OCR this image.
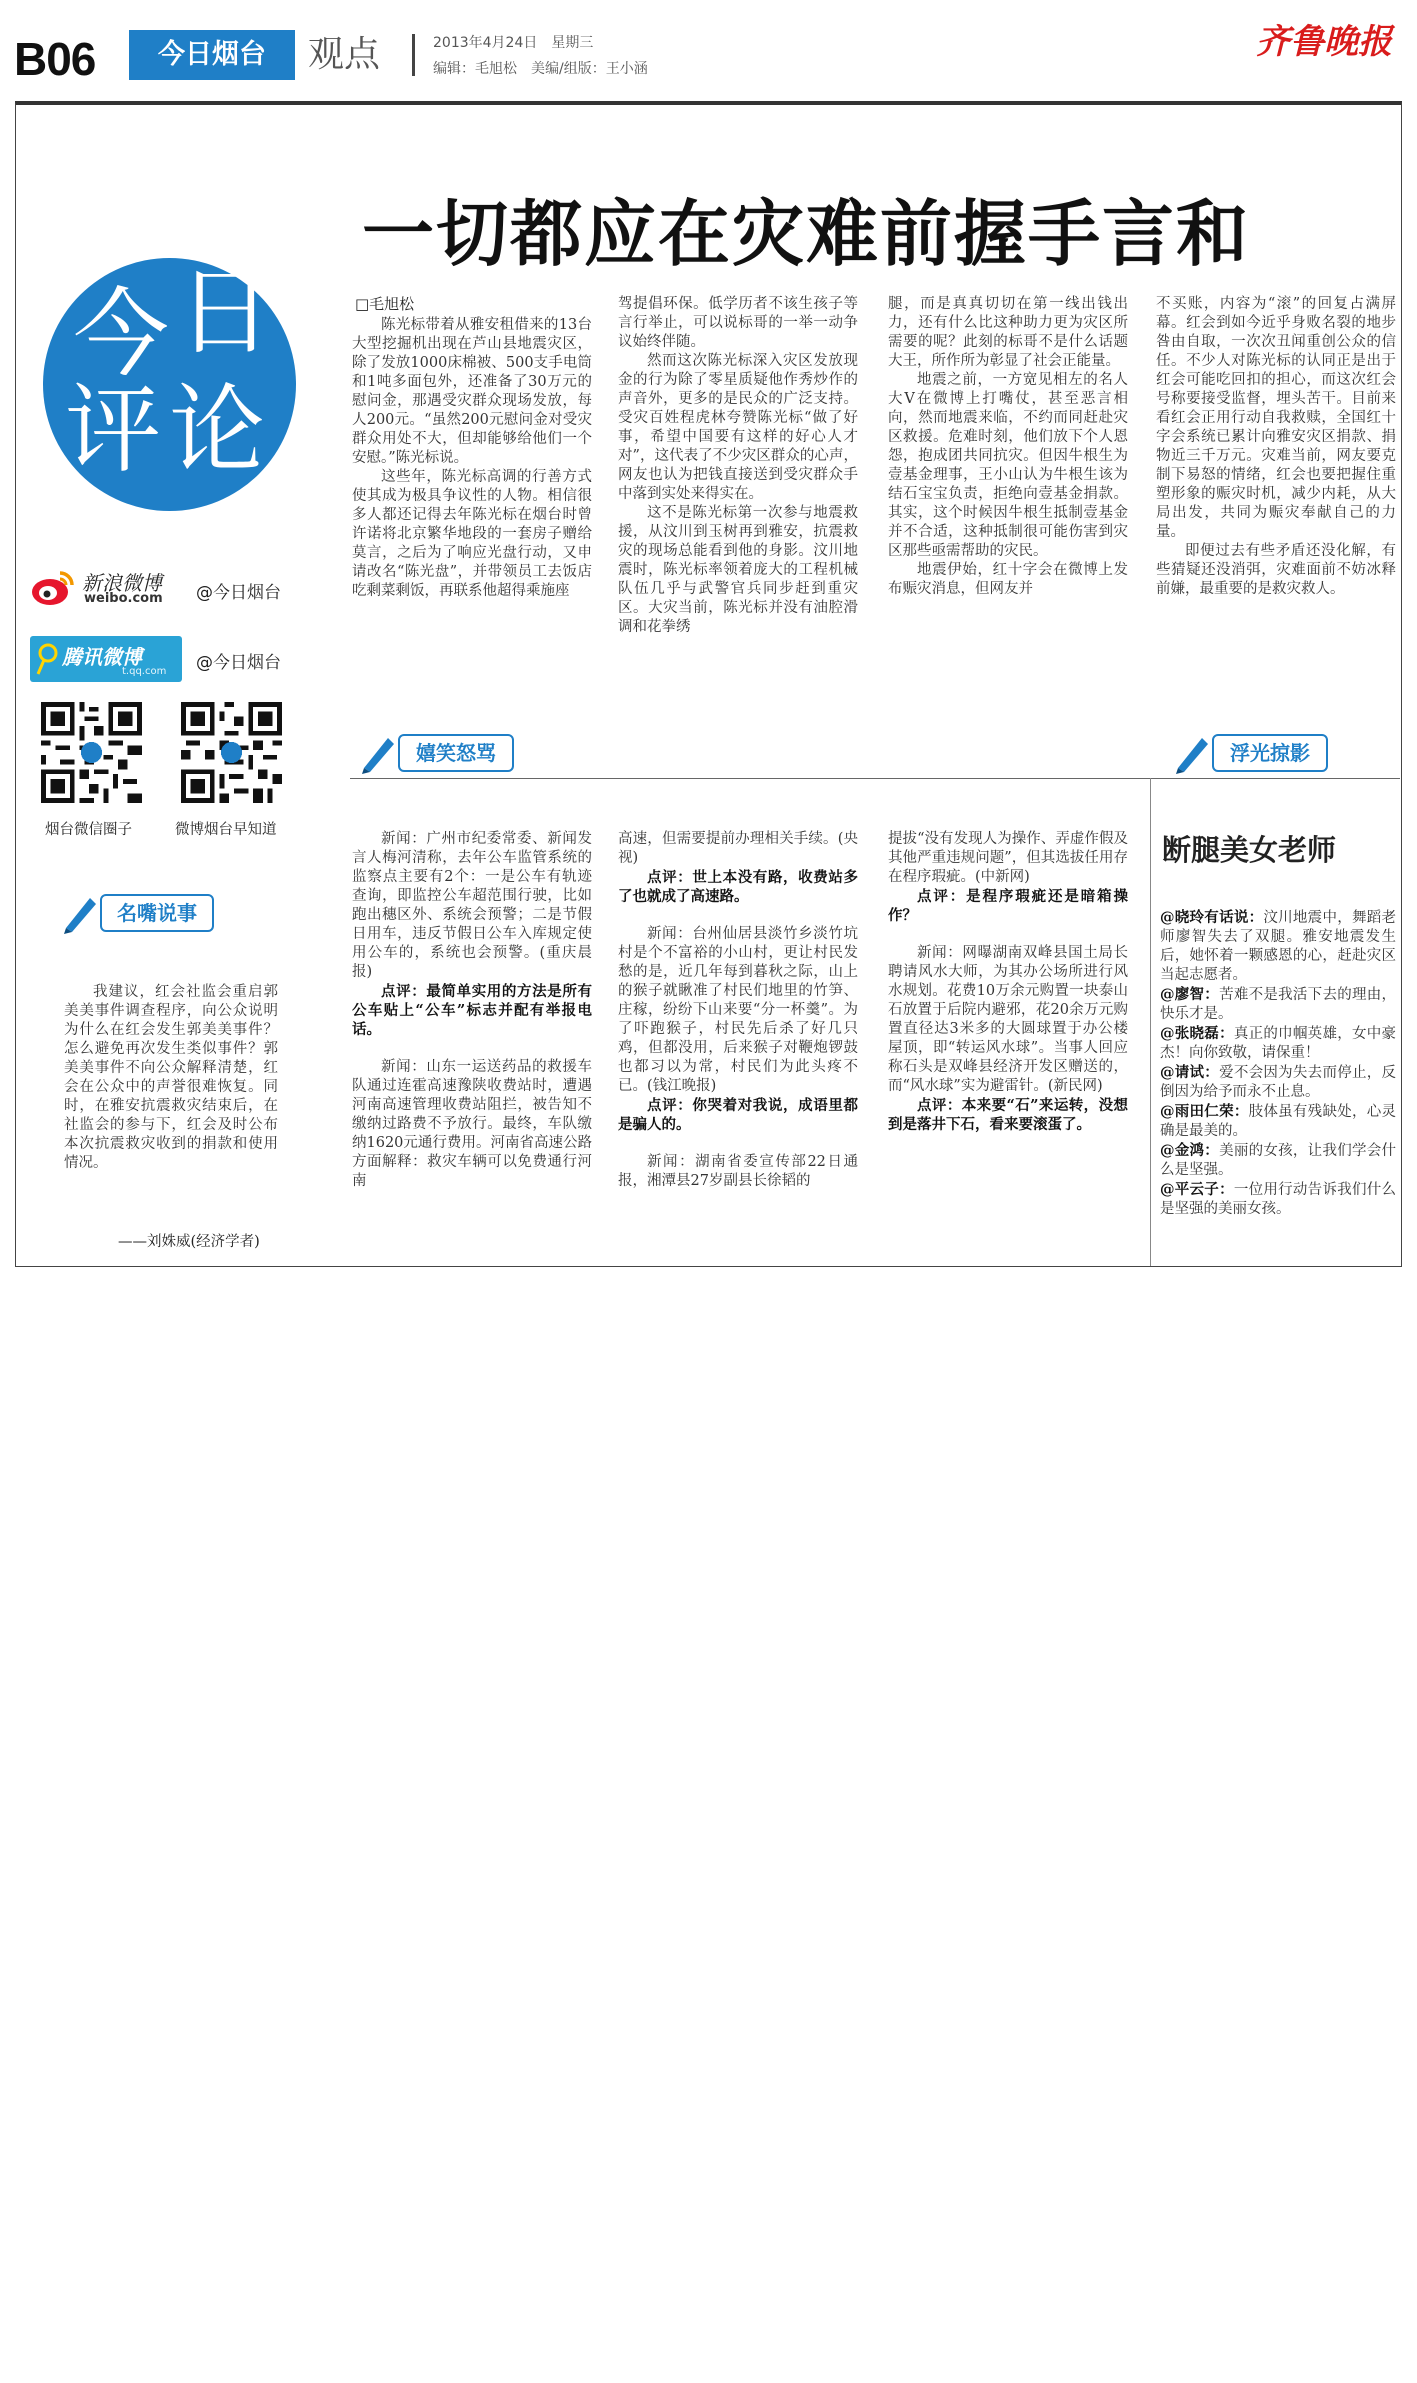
B06	今日烟台	观点	2013年4月24日　星期三
编辑：毛旭松　美编/组版：王小涵
齐鲁晚报
今 日
评 论
新浪微博
weibo.com @今日烟台
腾讯微博
t.qq.com @今日烟台
烟台微信圈子	微博烟台早知道
名嘴说事

我建议，红会社监会重启郭美美事件调查程序，向公众说明为什么在红会发生郭美美事件？怎么避免再次发生类似事件？郭美美事件不向公众解释清楚，红会在公众中的声誉很难恢复。同时，在雅安抗震救灾结束后，在社监会的参与下，红会及时公布本次抗震救灾收到的捐款和使用情况。

——刘姝威(经济学者)
一切都应在灾难前握手言和
□毛旭松

陈光标带着从雅安租借来的13台大型挖掘机出现在芦山县地震灾区，除了发放1000床棉被、500支手电筒和1吨多面包外，还准备了30万元的慰问金，那遇受灾群众现场发放，每人200元。“虽然200元慰问金对受灾群众用处不大，但却能够给他们一个安慰。”陈光标说。

这些年，陈光标高调的行善方式使其成为极具争议性的人物。相信很多人都还记得去年陈光标在烟台时曾许诺将北京繁华地段的一套房子赠给莫言，之后为了响应光盘行动，又申请改名“陈光盘”，并带领员工去饭店吃剩菜剩饭，再联系他超得乘施座

驾提倡环保。低学历者不该生孩子等言行举止，可以说标哥的一举一动争议始终伴随。

然而这次陈光标深入灾区发放现金的行为除了零星质疑他作秀炒作的声音外，更多的是民众的广泛支持。受灾百姓程虎林夸赞陈光标“做了好事，希望中国要有这样的好心人才对”，这代表了不少灾区群众的心声，网友也认为把钱直接送到受灾群众手中落到实处来得实在。

这不是陈光标第一次参与地震救援，从汶川到玉树再到雅安，抗震救灾的现场总能看到他的身影。汶川地震时，陈光标率领着庞大的工程机械队伍几乎与武警官兵同步赶到重灾区。大灾当前，陈光标并没有油腔滑调和花拳绣

腿，而是真真切切在第一线出钱出力，还有什么比这种助力更为灾区所需要的呢？此刻的标哥不是什么话题大王，所作所为彰显了社会正能量。

地震之前，一方宽见相左的名人大V在微博上打嘴仗，甚至恶言相向，然而地震来临，不约而同赶赴灾区救援。危难时刻，他们放下个人恩怨，抱成团共同抗灾。但因牛根生为壹基金理事，王小山认为牛根生该为结石宝宝负责，拒绝向壹基金捐款。其实，这个时候因牛根生抵制壹基金并不合适，这种抵制很可能伤害到灾区那些亟需帮助的灾民。

地震伊始，红十字会在微博上发布赈灾消息，但网友并

不买账，内容为“滚”的回复占满屏幕。红会到如今近乎身败名裂的地步咎由自取，一次次丑闻重创公众的信任。不少人对陈光标的认同正是出于红会可能吃回扣的担心，而这次红会号称要接受监督，埋头苦干。目前来看红会正用行动自我救赎，全国红十字会系统已累计向雅安灾区捐款、捐物近三千万元。灾难当前，网友要克制下易怒的情绪，红会也要把握住重塑形象的赈灾时机，减少内耗，从大局出发，共同为赈灾奉献自己的力量。

即便过去有些矛盾还没化解，有些猜疑还没消弭，灾难面前不妨冰释前嫌，最重要的是救灾救人。

嬉笑怒骂	浮光掠影

新闻：广州市纪委常委、新闻发言人梅河清称，去年公车监管系统的监察点主要有2个：一是公车有轨迹查询，即监控公车超范围行驶，比如跑出穗区外、系统会预警；二是节假日用车，违反节假日公车入库规定使用公车的，系统也会预警。(重庆晨报)

点评：最简单实用的方法是所有公车贴上“公车”标志并配有举报电话。

新闻：山东一运送药品的救援车队通过连霍高速豫陕收费站时，遭遇河南高速管理收费站阻拦，被告知不缴纳过路费不予放行。最终，车队缴纳1620元通行费用。河南省高速公路方面解释：救灾车辆可以免费通行河南

高速，但需要提前办理相关手续。(央视)

点评：世上本没有路，收费站多了也就成了高速路。

新闻：台州仙居县淡竹乡淡竹坑村是个不富裕的小山村，更让村民发愁的是，近几年每到暮秋之际，山上的猴子就瞅准了村民们地里的竹笋、庄稼，纷纷下山来要“分一杯羹”。为了吓跑猴子，村民先后杀了好几只鸡，但都没用，后来猴子对鞭炮锣鼓也都习以为常，村民们为此头疼不已。(钱江晚报)

点评：你哭着对我说，成语里都是骗人的。

新闻：湖南省委宣传部22日通报，湘潭县27岁副县长徐韬的

提拔“没有发现人为操作、弄虚作假及其他严重违规问题”，但其选拔任用存在程序瑕疵。(中新网)

点评：是程序瑕疵还是暗箱操作？

新闻：网曝湖南双峰县国土局长聘请风水大师，为其办公场所进行风水规划。花费10万余元购置一块泰山石放置于后院内避邪，花20余万元购置直径达3米多的大圆球置于办公楼屋顶，即“转运风水球”。当事人回应称石头是双峰县经济开发区赠送的，而“风水球”实为避雷针。(新民网)

点评：本来要“石”来运转，没想到是落井下石，看来要滚蛋了。

断腿美女老师

@晓玲有话说：汶川地震中，舞蹈老师廖智失去了双腿。雅安地震发生后，她怀着一颗感恩的心，赶赴灾区当起志愿者。

@廖智：苦难不是我活下去的理由，快乐才是。

@张晓磊：真正的巾帼英雄，女中豪杰！向你致敬，请保重！

@请试：爱不会因为失去而停止，反倒因为给予而永不止息。

@雨田仁荣：肢体虽有残缺处，心灵确是最美的。

@金鸿：美丽的女孩，让我们学会什么是坚强。

@平云子：一位用行动告诉我们什么是坚强的美丽女孩。
